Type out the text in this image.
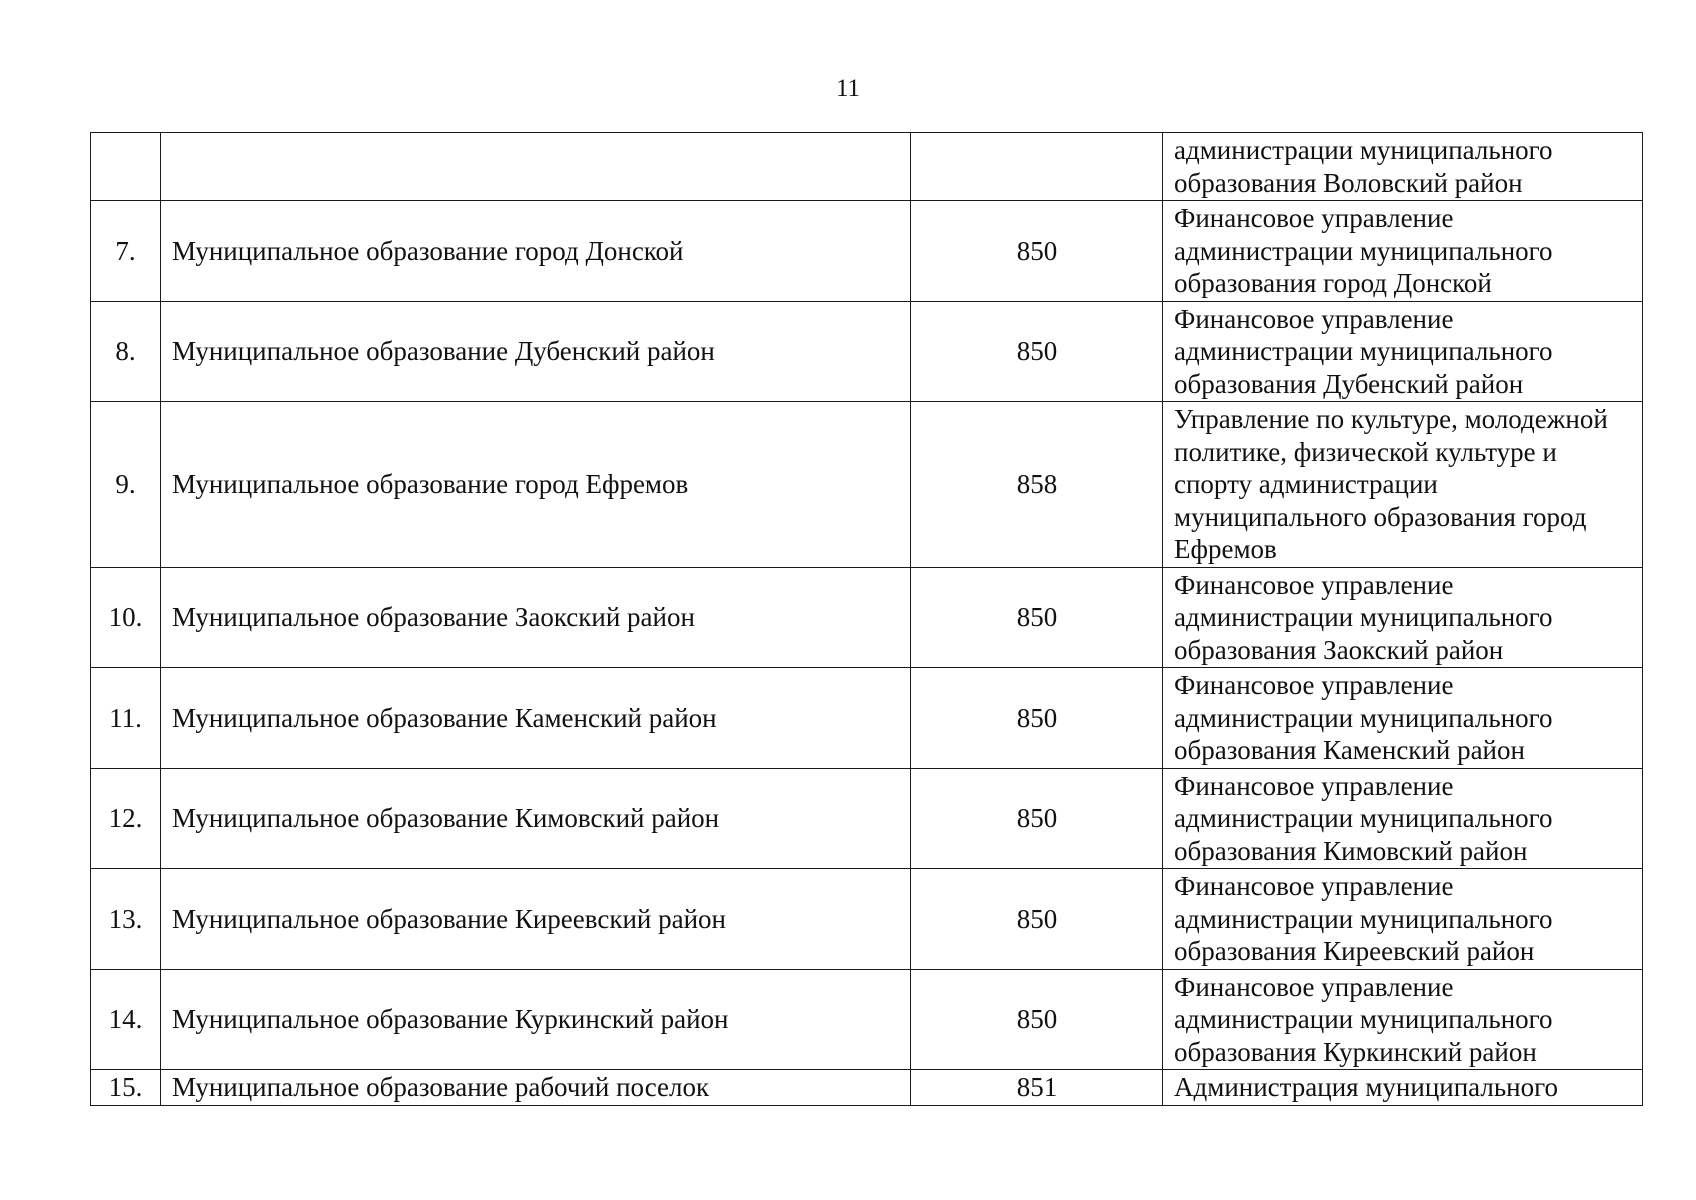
11
			администрации муниципального образования Воловский район
7.	Муниципальное образование город Донской	850	Финансовое управление администрации муниципального образования город Донской
8.	Муниципальное образование Дубенский район	850	Финансовое управление администрации муниципального образования Дубенский район
9.	Муниципальное образование город Ефремов	858	Управление по культуре, молодежной политике, физической культуре и спорту администрации муниципального образования город Ефремов
10.	Муниципальное образование Заокский район	850	Финансовое управление администрации муниципального образования Заокский район
11.	Муниципальное образование Каменский район	850	Финансовое управление администрации муниципального образования Каменский район
12.	Муниципальное образование Кимовский район	850	Финансовое управление администрации муниципального образования Кимовский район
13.	Муниципальное образование Киреевский район	850	Финансовое управление администрации муниципального образования Киреевский район
14.	Муниципальное образование Куркинский район	850	Финансовое управление администрации муниципального образования Куркинский район
15.	Муниципальное образование рабочий поселок	851	Администрация муниципального
